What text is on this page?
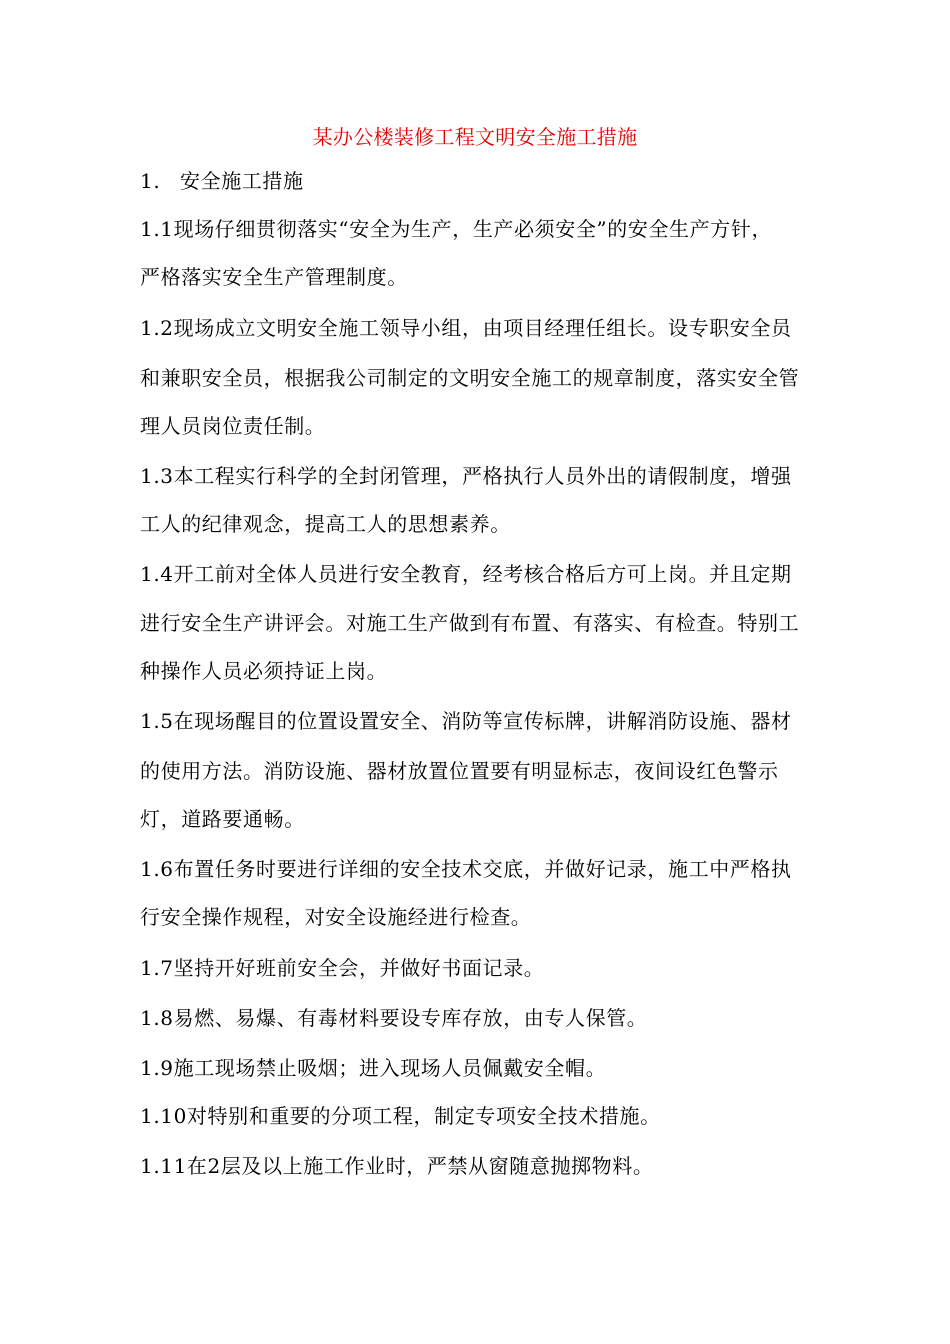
某办公楼装修工程文明安全施工措施
1. 安全施工措施
1.1现场仔细贯彻落实“安全为生产，生产必须安全”的安全生产方针，
严格落实安全生产管理制度。
1.2现场成立文明安全施工领导小组，由项目经理任组长。设专职安全员
和兼职安全员，根据我公司制定的文明安全施工的规章制度，落实安全管
理人员岗位责任制。
1.3本工程实行科学的全封闭管理，严格执行人员外出的请假制度，增强
工人的纪律观念，提高工人的思想素养。
1.4开工前对全体人员进行安全教育，经考核合格后方可上岗。并且定期
进行安全生产讲评会。对施工生产做到有布置、有落实、有检查。特别工
种操作人员必须持证上岗。
1.5在现场醒目的位置设置安全、消防等宣传标牌，讲解消防设施、器材
的使用方法。消防设施、器材放置位置要有明显标志，夜间设红色警示
灯，道路要通畅。
1.6布置任务时要进行详细的安全技术交底，并做好记录，施工中严格执
行安全操作规程，对安全设施经进行检查。
1.7坚持开好班前安全会，并做好书面记录。
1.8易燃、易爆、有毒材料要设专库存放，由专人保管。
1.9施工现场禁止吸烟；进入现场人员佩戴安全帽。
1.10对特别和重要的分项工程，制定专项安全技术措施。
1.11在2层及以上施工作业时，严禁从窗随意抛掷物料。
